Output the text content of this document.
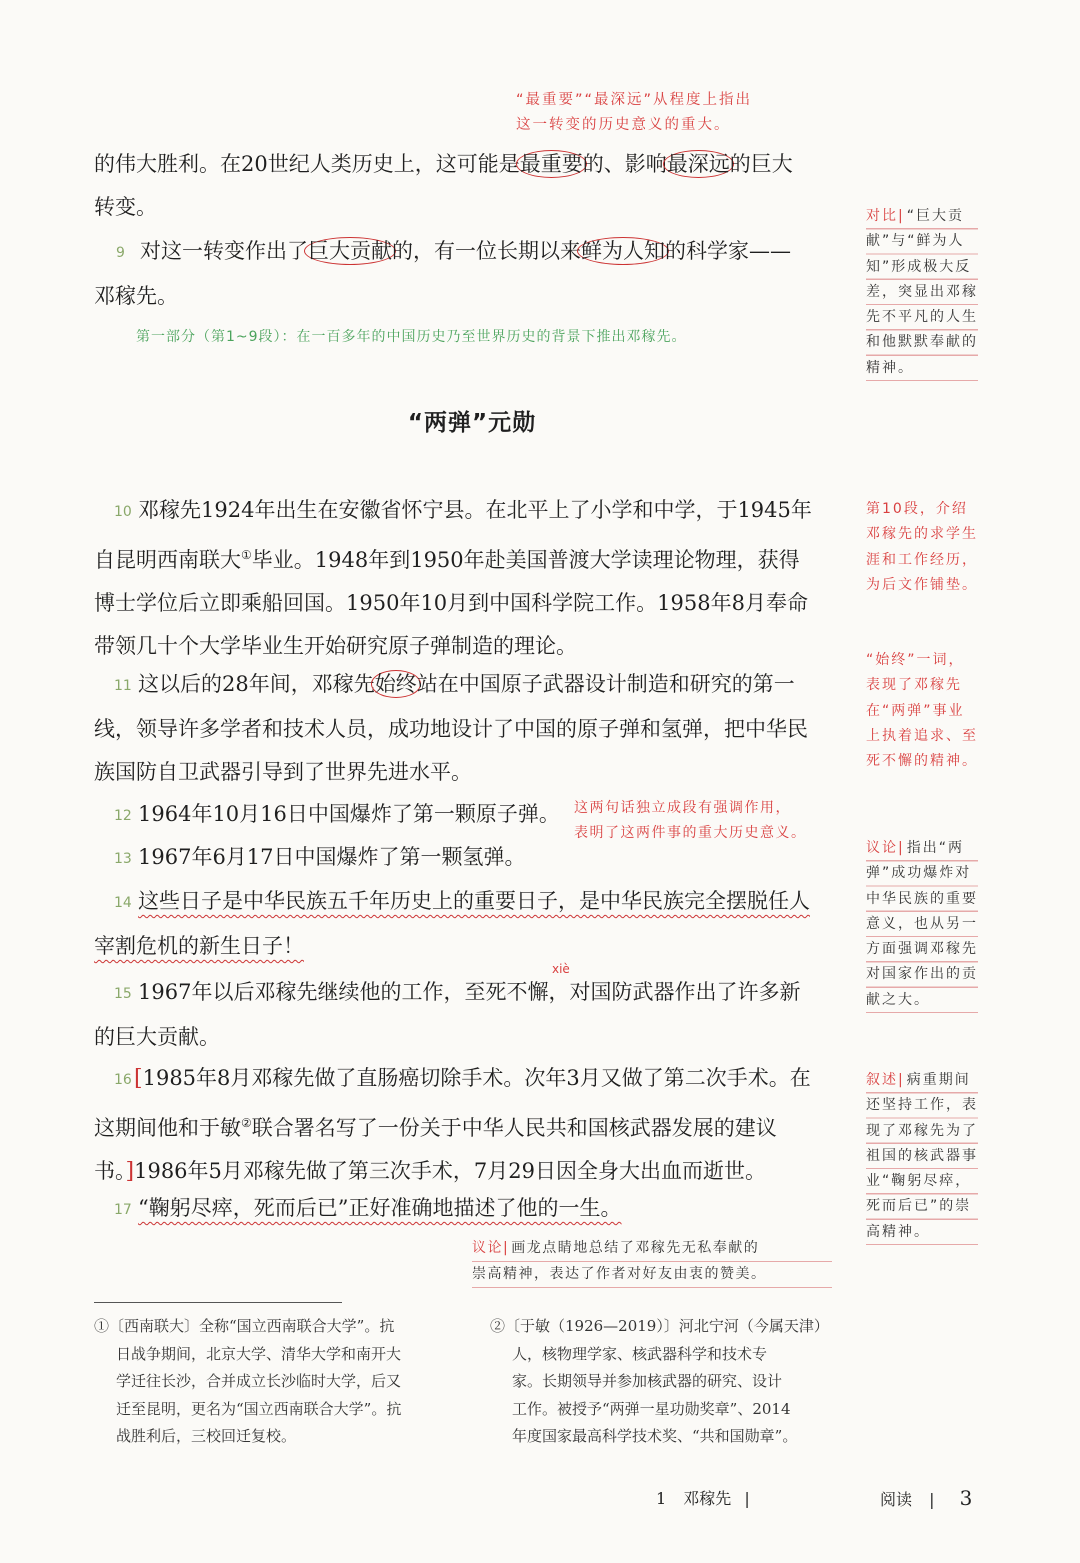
“最重要”“最深远”从程度上指出
这一转变的历史意义的重大。
的伟大胜利。在20世纪人类历史上，这可能是最重要的、影响最深远的巨大
转变。
9 对这一转变作出了巨大贡献的，有一位长期以来鲜为人知的科学家——
邓稼先。
第一部分（第1~9段）：在一百多年的中国历史乃至世界历史的背景下推出邓稼先。
对比| “巨大贡献”与“鲜为人知”形成极大反差，突显出邓稼先不平凡的人生和他默默奉献的精神。
“两弹”元勋
10 邓稼先1924年出生在安徽省怀宁县。在北平上了小学和中学，于1945年
自昆明西南联大①毕业。1948年到1950年赴美国普渡大学读理论物理，获得
博士学位后立即乘船回国。1950年10月到中国科学院工作。1958年8月奉命
带领几十个大学毕业生开始研究原子弹制造的理论。
第10段，介绍邓稼先的求学生涯和工作经历，为后文作铺垫。
11 这以后的28年间，邓稼先始终站在中国原子武器设计制造和研究的第一
线，领导许多学者和技术人员，成功地设计了中国的原子弹和氢弹，把中华民
族国防自卫武器引导到了世界先进水平。
“始终”一词，表现了邓稼先在“两弹”事业上执着追求、至死不懈的精神。
12 1964年10月16日中国爆炸了第一颗原子弹。	这两句话独立成段有强调作用，
表明了这两件事的重大历史意义。
13 1967年6月17日中国爆炸了第一颗氢弹。
14 这些日子是中华民族五千年历史上的重要日子，是中华民族完全摆脱任人
宰割危机的新生日子！
议论| 指出“两弹”成功爆炸对中华民族的重要意义，也从另一方面强调邓稼先对国家作出的贡献之大。
xiè
15 1967年以后邓稼先继续他的工作，至死不懈，对国防武器作出了许多新
的巨大贡献。
16[1985年8月邓稼先做了直肠癌切除手术。次年3月又做了第二次手术。在
这期间他和于敏②联合署名写了一份关于中华人民共和国核武器发展的建议
书。]1986年5月邓稼先做了第三次手术，7月29日因全身大出血而逝世。
叙述| 病重期间还坚持工作，表现了邓稼先为了祖国的核武器事业“鞠躬尽瘁，死而后已”的崇高精神。
17 “鞠躬尽瘁，死而后已”正好准确地描述了他的一生。
议论| 画龙点睛地总结了邓稼先无私奉献的
崇高精神，表达了作者对好友由衷的赞美。
①〔西南联大〕全称“国立西南联合大学”。抗
日战争期间，北京大学、清华大学和南开大
学迁往长沙，合并成立长沙临时大学，后又
迁至昆明，更名为“国立西南联合大学”。抗
战胜利后，三校回迁复校。
②〔于敏（1926—2019）〕河北宁河（今属天津）
人，核物理学家、核武器科学和技术专
家。长期领导并参加核武器的研究、设计
工作。被授予“两弹一星功勋奖章”、2014
年度国家最高科学技术奖、“共和国勋章”。
1 邓稼先 |	阅读 | 3
